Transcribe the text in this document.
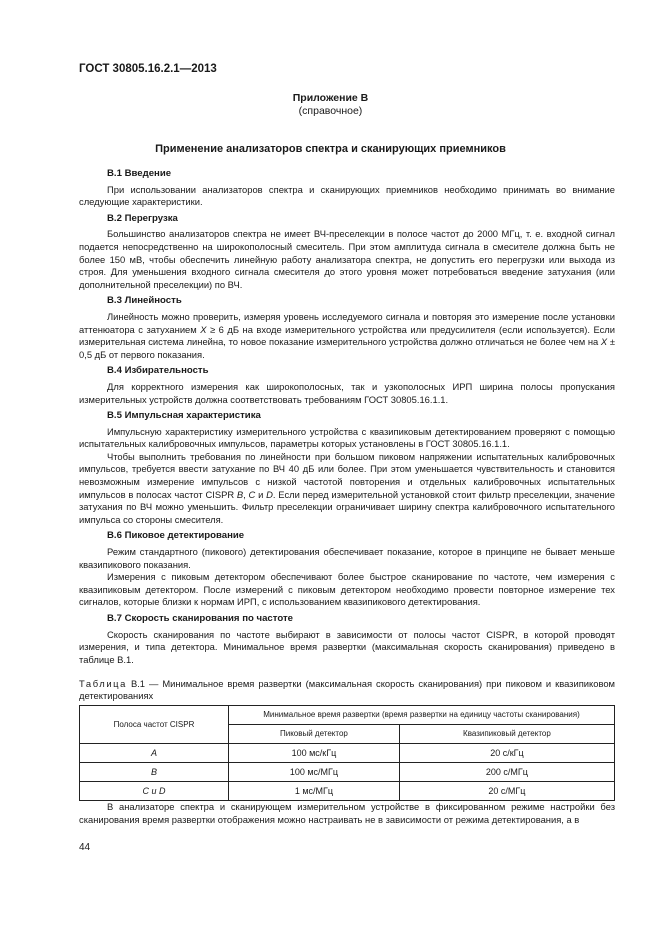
ГОСТ 30805.16.2.1—2013
Приложение В
(справочное)
Применение анализаторов спектра и сканирующих приемников
В.1 Введение

При использовании анализаторов спектра и сканирующих приемников необходимо принимать во внимание следующие характеристики.

В.2 Перегрузка

Большинство анализаторов спектра не имеет ВЧ-преселекции в полосе частот до 2000 МГц, т. е. входной сигнал подается непосредственно на широкополосный смеситель. При этом амплитуда сигнала в смесителе должна быть не более 150 мВ, чтобы обеспечить линейную работу анализатора спектра, не допустить его перегрузки или выхода из строя. Для уменьшения входного сигнала смесителя до этого уровня может потребоваться введение затухания (или дополнительной преселекции) по ВЧ.

В.3 Линейность

Линейность можно проверить, измеряя уровень исследуемого сигнала и повторяя это измерение после установки аттенюатора с затуханием X ≥ 6 дБ на входе измерительного устройства или предусилителя (если используется). Если измерительная система линейна, то новое показание измерительного устройства должно отличаться не более чем на X ± 0,5 дБ от первого показания.

В.4 Избирательность

Для корректного измерения как широкополосных, так и узкополосных ИРП ширина полосы пропускания измерительных устройств должна соответствовать требованиям ГОСТ 30805.16.1.1.

В.5 Импульсная характеристика

Импульсную характеристику измерительного устройства с квазипиковым детектированием проверяют с помощью испытательных калибровочных импульсов, параметры которых установлены в ГОСТ 30805.16.1.1.

Чтобы выполнить требования по линейности при большом пиковом напряжении испытательных калибровочных импульсов, требуется ввести затухание по ВЧ 40 дБ или более. При этом уменьшается чувствительность и становится невозможным измерение импульсов с низкой частотой повторения и отдельных калибровочных испытательных импульсов в полосах частот CISPR B, C и D. Если перед измерительной установкой стоит фильтр преселекции, значение затухания по ВЧ можно уменьшить. Фильтр преселекции ограничивает ширину спектра калибровочного испытательного импульса со стороны смесителя.

В.6 Пиковое детектирование

Режим стандартного (пикового) детектирования обеспечивает показание, которое в принципе не бывает меньше квазипикового показания.

Измерения с пиковым детектором обеспечивают более быстрое сканирование по частоте, чем измерения с квазипиковым детектором. После измерений с пиковым детектором необходимо провести повторное измерение тех сигналов, которые близки к нормам ИРП, с использованием квазипикового детектирования.

В.7 Скорость сканирования по частоте

Скорость сканирования по частоте выбирают в зависимости от полосы частот CISPR, в которой проводят измерения, и типа детектора. Минимальное время развертки (максимальная скорость сканирования) приведено в таблице В.1.

Таблица В.1 — Минимальное время развертки (максимальная скорость сканирования) при пиковом и квазипиковом детектированиях
Полоса частот CISPR	Минимальное время развертки (время развертки на единицу частоты сканирования)	
	Пиковый детектор	Квазипиковый детектор
A	100 мс/кГц	20 с/кГц
B	100 мс/МГц	200 с/МГц
C и D	1 мс/МГц	20 с/МГц

В анализаторе спектра и сканирующем измерительном устройстве в фиксированном режиме настройки без сканирования время развертки отображения можно настраивать не в зависимости от режима детектирования, а в

44
